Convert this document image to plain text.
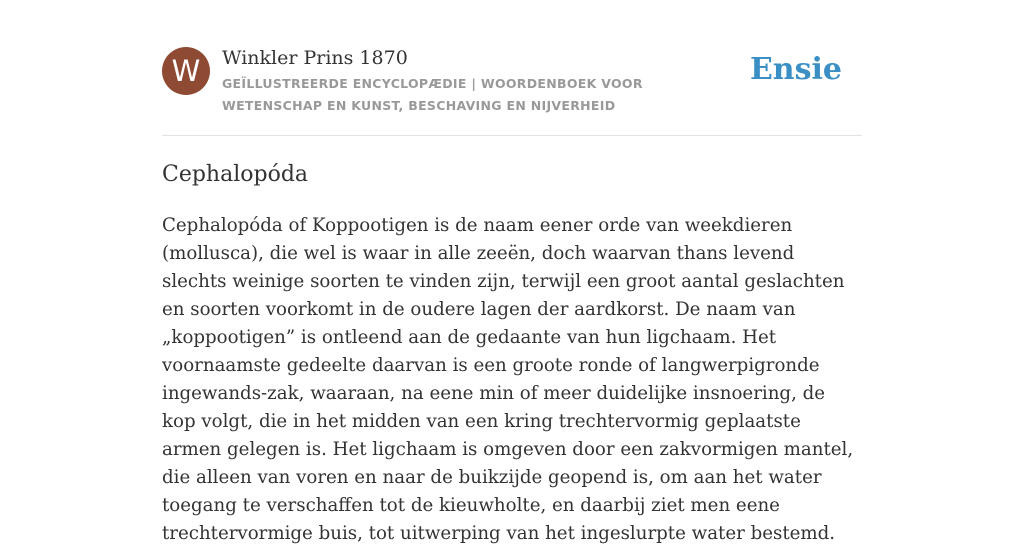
W	Winkler Prins 1870
GEÏLLUSTREERDE ENCYCLOPÆDIE | WOORDENBOEK VOOR WETENSCHAP EN KUNST, BESCHAVING EN NIJVERHEID
Ensie
Cephalopóda

Cephalopóda of Koppootigen is de naam eener orde van weekdieren (mollusca), die wel is waar in alle zeeën, doch waarvan thans levend slechts weinige soorten te vinden zijn, terwijl een groot aantal geslachten en soorten voorkomt in de oudere lagen der aardkorst. De naam van „koppootigen” is ontleend aan de gedaante van hun ligchaam. Het voornaamste gedeelte daarvan is een groote ronde of langwerpigronde ingewands-zak, waaraan, na eene min of meer duidelijke insnoering, de kop volgt, die in het midden van een kring trechtervormig geplaatste armen gelegen is. Het ligchaam is omgeven door een zakvormigen mantel, die alleen van voren en naar de buikzijde geopend is, om aan het water toegang te verschaffen tot de kieuwholte, en daarbij ziet men eene trechtervormige buis, tot uitwerping van het ingeslurpte water bestemd.
